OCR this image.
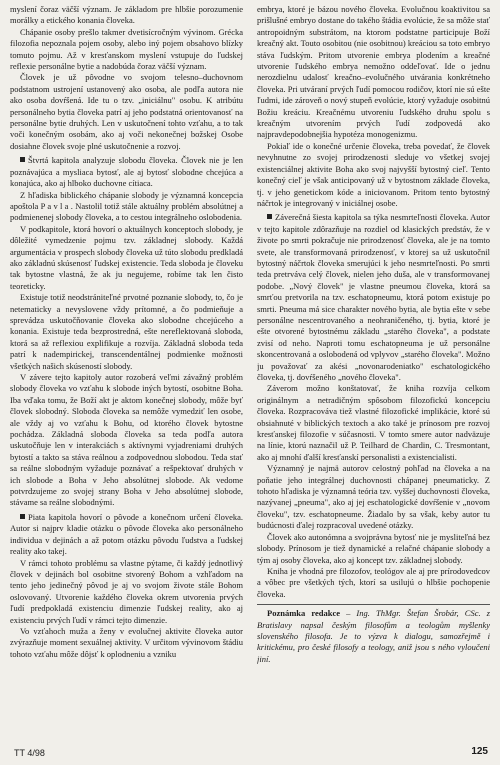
myslení čoraz väčší význam. Je základom pre hlbšie porozumenie morálky a etického konania človeka.

Chápanie osoby prešlo takmer dvetisícročným vývinom. Grécka filozofia nepoznala pojem osoby, alebo iný pojem obsahovo blízky tomuto pojmu. Až v kresťanskom myslení vstupuje do ľudskej reflexie personálne bytie a nadobúda čoraz väčší význam.

Človek je už pôvodne vo svojom telesno–duchovnom podstatnom ustrojení ustanovený ako osoba, ale podľa autora nie ako osoba dovŕšená. Ide tu o tzv. „iniciálnu" osobu. K atribútu personálneho bytia človeka patrí aj jeho podstatná orientovanosť na personálne bytie druhých. Len v uskutočnení tohto vzťahu, a to tak voči konečným osobám, ako aj voči nekonečnej božskej Osobe dosiahne človek svoje plné uskutočnenie a rozvoj.

Štvrtá kapitola analyzuje slobodu človeka. Človek nie je len poznávajúca a mysliaca bytosť, ale aj bytosť slobodne chcejúca a konajúca, ako aj hlboko duchovne cítiaca.

Z hľadiska biblického chápanie slobody je významná koncepcia apoštola P a v l a . Nastolil totiž stále aktuálny problém absolútnej a podmienenej slobody človeka, a to cestou integrálneho oslobodenia.

V podkapitole, ktorá hovorí o aktuálnych konceptoch slobody, je dôležité vymedzenie pojmu tzv. základnej slobody. Každá argumentácia v prospech slobody človeka už túto slobodu predkladá ako základnú skúsenosť ľudskej existencie. Teda sloboda je človeku tak bytostne vlastná, že ak ju negujeme, robíme tak len čisto teoreticky.

Existuje totiž neodstrániteľné prvotné poznanie slobody, to, čo je netematicky a nevyslovene vždy prítomné, a čo podmieňuje a sprevádza uskutočňovanie človeka ako slobodne chcejúceho a konania. Existuje teda bezprostredná, ešte nereflektovaná sloboda, ktorá sa až reflexiou explifikuje a rozvíja. Základná sloboda teda patrí k nadempirickej, transcendentálnej podmienke možnosti všetkých našich skúseností slobody.

V závere tejto kapitoly autor rozoberá veľmi závažný problém slobody človeka vo vzťahu k slobode iných bytostí, osobitne Boha. Iba vďaka tomu, že Boží akt je aktom konečnej slobody, môže byť človek slobodný. Sloboda človeka sa nemôže vymedziť len osobe, ale vždy aj vo vzťahu k Bohu, od ktorého človek bytostne pochádza. Základná sloboda človeka sa teda podľa autora uskutočňuje len v interakciách s aktívnymi vyjadreniami druhých bytostí a takto sa stáva reálnou a zodpovednou slobodou. Teda stať sa reálne slobodným vyžaduje poznávať a rešpektovať druhých v ich slobode a Boha v Jeho absolútnej slobode. Ak vedome potvrdzujeme zo svojej strany Boha v Jeho absolútnej slobode, stávame sa reálne slobodnými.

Piata kapitola hovorí o pôvode a konečnom určení človeka. Autor si najprv kladie otázku o pôvode človeka ako personálneho individua v dejinách a až potom otázku pôvodu ľudstva a ľudskej reality ako takej.

V rámci tohoto problému sa vlastne pýtame, či každý jednotlivý človek v dejinách bol osobitne stvorený Bohom a vzhľadom na tento jeho jedinečný pôvod je aj vo svojom živote stále Bohom oslovovaný. Utvorenie každého človeka okrem utvorenia prvých ľudí predpokladá existenciu dimenzie ľudskej reality, ako aj existenciu prvých ľudí v rámci tejto dimenzie.

Vo vzťahoch muža a ženy v evolučnej aktivite človeka autor zvýrazňuje moment sexuálnej aktivity. V určitom vývinovom štádiu tohoto vzťahu môže dôjsť k oplodneniu a vzniku

embrya, ktoré je bázou nového človeka. Evolučnou koaktivitou sa prišlušné embryo dostane do takého štádia evolúcie, že sa môže stať antropoidným substrátom, na ktorom podstatne participuje Boží kreačný akt. Touto osobitou (nie osobitnou) kreáciou sa toto embryo stáva ľudským. Pritom utvorenie embrya plodením a kreačné utvorenie ľudského embrya nemožno oddeľovať. Ide o jednu nerozdielnu udalosť kreačno–evolučného utvárania konkrétneho človeka. Pri utváraní prvých ľudí pomocou rodičov, ktorí nie sú ešte ľudmi, ide zároveň o nový stupeň evolúcie, ktorý vyžaduje osobitnú Božiu kreáciu. Kreačnému utvoreniu ľudského druhu spolu s kreačným utvorením prvých ľudí zodpovedá ako najpravdepodobnejšia hypotéza monogenizmu.

Pokiaľ ide o konečné určenie človeka, treba povedať, že človek nevyhnutne zo svojej prirodzenosti sleduje vo všetkej svojej existenciálnej aktivite Boha ako svoj najvyšší bytostný cieľ. Tento konečný cieľ je však anticipovaný už v bytostnom základe človeka, tj. v jeho genetickom kóde a iniciovanom. Pritom tento bytostný náčrtok je integrovaný v iniciálnej osobe.

Záverečná šiesta kapitola sa týka nesmrteľnosti človeka. Autor v tejto kapitole zdôrazňuje na rozdiel od klasických predstáv, že v živote po smrti pokračuje nie prirodzenosť človeka, ale je na tomto svete, ale transformovaná prirodzenosť, v ktorej sa už uskutočnil bytostný náčrtok človeka smerujúci k jeho nesmrteľnosti. Po smrti teda pretrváva celý človek, nielen jeho duša, ale v transformovanej podobe. „Nový človek" je vlastne pneumou človeka, ktorá sa smrťou pretvorila na tzv. eschatopneumu, ktorá potom existuje po smrti. Pneuma má sice charakter nového bytia, ale bytia ešte v sebe personálne nescentrovaného a neohraničeného, tj. bytia, ktoré je ešte otvorené bytostnému základu „starého človeka", a podstate zvisí od neho. Naproti tomu eschatopneuma je už personálne skoncentrovaná a oslobodená od vplyvov „starého človeka". Možno ju považovať za akési „novonarodeniatko" eschatologického človeka, tj. dovŕšeného „nového človeka".

Záverom možno konštatovať, že kniha rozvíja celkom originálnym a netradičným spôsobom filozofickú koncepciu človeka. Rozpracováva tiež vlastné filozofické implikácie, ktoré sú obsiahnuté v biblických textoch a ako také je prínosom pre rozvoj kresťanskej filozofie v súčasnosti. V tomto smere autor nadväzuje na línie, ktorú naznačil už P. Teilhard de Chardin, C. Tresmontant, ako aj mnohí ďalší kresťanskí personalisti a existencialisti.

Významný je najmä autorov celostný pohľad na človeka a na poňatie jeho integrálnej duchovnosti chápanej pneumaticky. Z tohoto hľadiska je významná teória tzv. vyššej duchovnosti človeka, nazývanej „pneuma", ako aj jej eschatologické dovŕšenie v „novom človeku", tzv. eschatopneume. Žiadalo by sa však, keby autor tu budúcnosti ďalej rozpracoval uvedené otázky.

Človek ako autonómna a svojprávna bytosť nie je mysliteľná bez slobody. Prínosom je tiež dynamické a relačné chápanie slobody a tým aj osoby človeka, ako aj koncept tzv. základnej slobody.

Kniha je vhodná pre filozofov, teológov ale aj pre prírodovedcov a vôbec pre všetkých tých, ktorí sa usilujú o hlbšie pochopenie človeka.

Poznámka redakce – Ing. ThMgr. Štefan Šrobár, CSc. z Bratislavy napsal českým filosofům a teologům myšlenky slovenského filosofa. Je to výzva k dialogu, samozřejmě i kritickému, pro české filosofy a teology, aniž jsou s ného vyloučeni jiní.

TT 4/98	125
